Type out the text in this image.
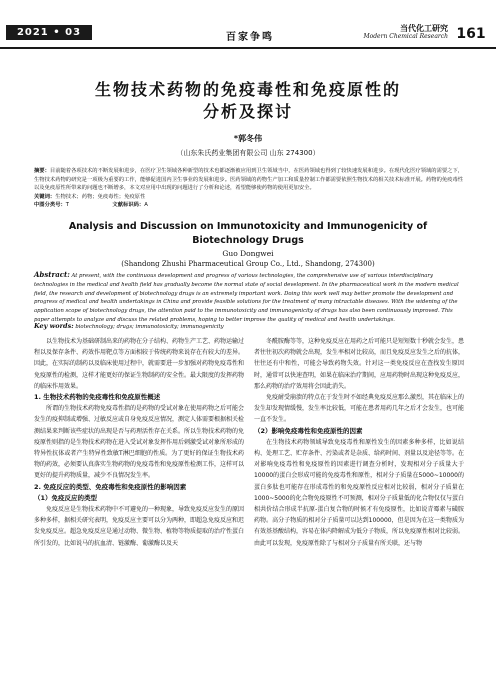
2021 • 03	百家争鸣
当代化工研究
Modern Chemical Research 161
生物技术药物的免疫毒性和免疫原性的
分析及探讨
*郭冬伟
（山东朱氏药业集团有限公司 山东 274300）
摘要：目前随着各项技术的不断发展和进步，在医疗卫生领域各种新型的技术也都逐渐被应用到卫生领域当中，在医药领域也得到了较快速发展和进步。在现代化医疗领域的需要之下，生物技术药物的研究是一项极为重要的工作，能够促进国内卫生事业的发展和进步。医药领域的药物生产加工和质量控制工作都需要依照生物技术的相关技术标准开展。药物的免疫毒性以及免疫原性所带来的问题也不断增多，本文对应用中出现的问题进行了分析和论述，希望能够使药物的使用更加安全。
关键词：生物技术；药物；免疫毒性；免疫原性
中图分类号：T	文献标识码：A
Analysis and Discussion on Immunotoxicity and Immunogenicity of
Biotechnology Drugs
Guo Dongwei
(Shandong Zhushi Pharmaceutical Group Co., Ltd., Shandong, 274300)
Abstract: At present, with the continuous development and progress of various technologies, the comprehensive use of various interdisciplinary technologies in the medical and health field has gradually become the normal state of social development. In the pharmaceutical work in the modern medical field, the research and development of biotechnology drugs is an extremely important work. Doing this work well may better promote the development and progress of medical and health undertakings in China and provide feasible solutions for the treatment of many intractable diseases. With the widening of the application scope of biotechnology drugs, the attention paid to the immunotoxicity and immunogenicity of drugs has also been continuously improved. This paper attempts to analyze and discuss the related problems, hoping to better improve the quality of medical and health undertakings.
Key words: biotechnology; drugs; immunotoxicity; immunogenicity

以生物技术为基础研制出来的药物在分子结构、药物生产工艺、药物运输过程以及保存条件、药效作用靶点等方面相较于传统药物来说存在有较大的差异。因此，在实际的制药以及临床使用过程中，就需要进一步加强对药物免疫毒性和免疫原性的检测，这样才能更好的保证生物制药的安全性。最大限度的发挥药物的临床作用效果。

1. 生物技术药物的免疫毒性和免疫原性概述

所谓的生物技术药物免疫毒性指的是药物的受试对象在使用药物之后可能会发生的疫抑制或增强、过敏反应或自身免疫反应情况，测定人体需要根据相关检测结果来判断该些症状的出现是否与药理活性存在关系。所以生物技术药物的免疫原性则指的是生物技术药物在进入受试对象发挥作用后刺激受试对象所形成的特异性抗体或者产生特异性致敏T淋巴细胞的性质。为了更好的保证生物技术药物的药效，必须要认真落实生物药物的免疫毒性和免疫原性检测工作，这样可以更好的提升药物质量，减少不良情况发生率。

2. 免疫反应的类型、免疫毒性和免疫原性的影响因素
（1）免疫反应的类型

免疫反应是生物技术药物中不可避免的一种现象，导致免疫反应发生的原因多种多样，据相关研究表明，免疫反应主要可以分为两种，即超急免疫反应和迟发免疫反应。超急免疫反应是通过动物、微生物、植物等物质提取的治疗性蛋白所引发的，比如说马的抗血清、链激酶、葡激酶以及天

冬酰胺酶等等，这种免疫反应在用药之后可能只是短短数十秒就会发生，患者往往初次药物就会出现，发生率相对比较高，而且免疫反应发生之后的抗体，往往还有中和性，可能会导致药物失效。针对这一类免疫反应在查找发生原因时，通常可以快速查明，如果在临床治疗期间，应用药物时出现这种免疫反应，那么药物的治疗效用将会因此消失。

免疫耐受崩溃的特点在于发生时不如经典免疫反应那么激烈，其在临床上的发生却发现情缓慢，发生率比较低，可能在患者用药几年之后才会发生，也可能一直不发生。

（2）影响免疫毒性和免疫原性的因素

在生物技术药物领域导致免疫毒性和原性发生的因素多种多样，比如说结构、处理工艺、贮存条件、污染或者是杂质、给药时间、剂量以及途径等等。在对影响免疫毒性和免疫原性的因素进行调查分析时，发现相对分子质量大于10000的蛋白会形成可能的免疫毒性和原性，相对分子质量在5000~10000的蛋白多肽也可能存在形成毒性的和免疫原性反应相对比较弱，相对分子质量在1000~5000的化合物免疫原性不可预测，相对分子质量低的化合物仅仅与蛋白相共价结合形成半抗原-蛋白复合物的时候才有免疫原性，比如说青霉素与磺胺药物。高分子物质的相对分子质量可以达到100000，但是因为在这一类物质为有效基基酸结构，容易在体内降解成为低分子物质，所以免疫原性相对比较弱。由此可以发现，免疫原性除了与相对分子质量有所关联，还与物
